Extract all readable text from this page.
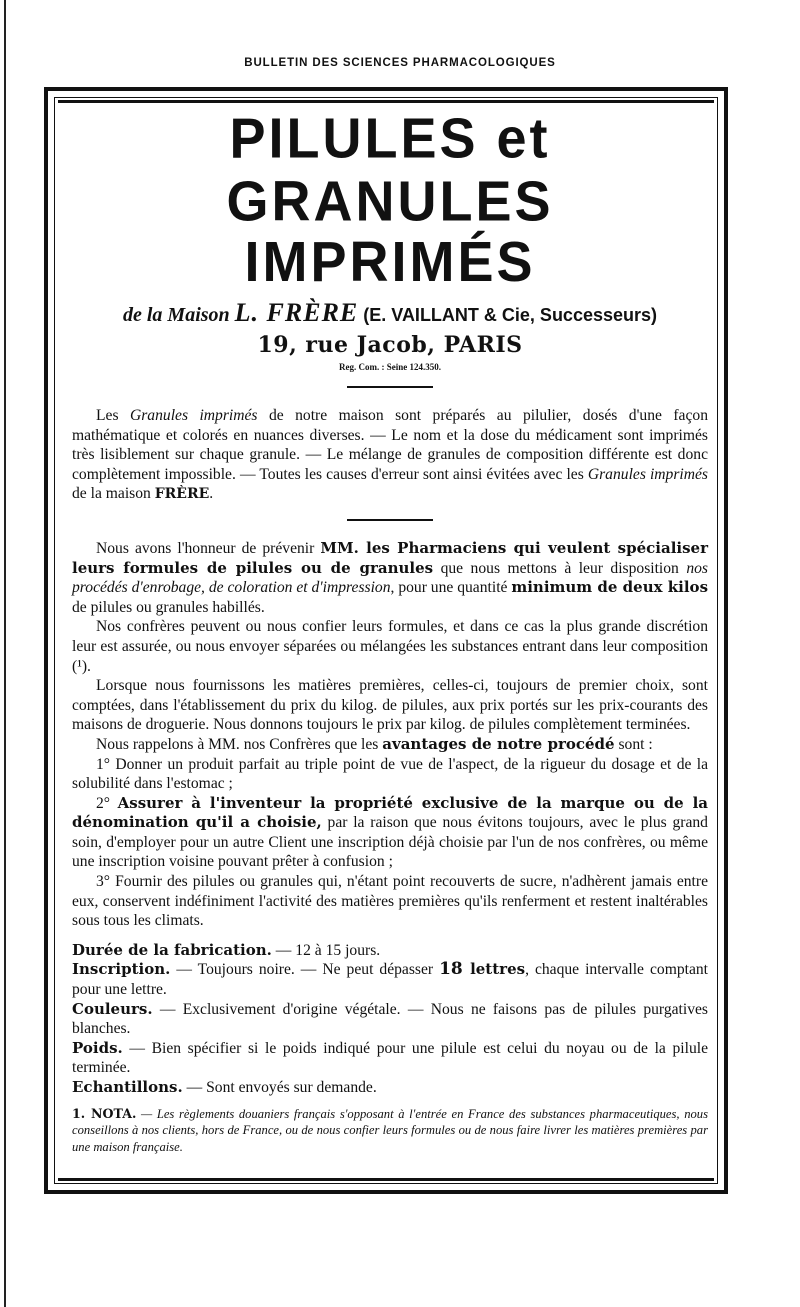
BULLETIN DES SCIENCES PHARMACOLOGIQUES
PILULES et GRANULES
IMPRIMÉS
de la Maison L. FRÈRE (E. VAILLANT & Cie, Successeurs)
19, rue Jacob, PARIS
Reg. Com. : Seine 124.350.

Les Granules imprimés de notre maison sont préparés au pilulier, dosés d'une façon mathématique et colorés en nuances diverses. — Le nom et la dose du médicament sont imprimés très lisiblement sur chaque granule. — Le mélange de granules de composition différente est donc complètement impossible. — Toutes les causes d'erreur sont ainsi évitées avec les Granules imprimés de la maison FRÈRE.

Nous avons l'honneur de prévenir MM. les Pharmaciens qui veulent spécialiser leurs formules de pilules ou de granules que nous mettons à leur disposition nos procédés d'enrobage, de coloration et d'impression, pour une quantité minimum de deux kilos de pilules ou granules habillés.

Nos confrères peuvent ou nous confier leurs formules, et dans ce cas la plus grande discrétion leur est assurée, ou nous envoyer séparées ou mélangées les substances entrant dans leur composition (¹).

Lorsque nous fournissons les matières premières, celles-ci, toujours de premier choix, sont comptées, dans l'établissement du prix du kilog. de pilules, aux prix portés sur les prix-courants des maisons de droguerie. Nous donnons toujours le prix par kilog. de pilules complètement terminées.

Nous rappelons à MM. nos Confrères que les avantages de notre procédé sont :

1° Donner un produit parfait au triple point de vue de l'aspect, de la rigueur du dosage et de la solubilité dans l'estomac ;

2° Assurer à l'inventeur la propriété exclusive de la marque ou de la dénomination qu'il a choisie, par la raison que nous évitons toujours, avec le plus grand soin, d'employer pour un autre Client une inscription déjà choisie par l'un de nos confrères, ou même une inscription voisine pouvant prêter à confusion ;

3° Fournir des pilules ou granules qui, n'étant point recouverts de sucre, n'adhèrent jamais entre eux, conservent indéfiniment l'activité des matières premières qu'ils renferment et restent inaltérables sous tous les climats.

Durée de la fabrication. — 12 à 15 jours.

Inscription. — Toujours noire. — Ne peut dépasser 18 lettres, chaque intervalle comptant pour une lettre.

Couleurs. — Exclusivement d'origine végétale. — Nous ne faisons pas de pilules purgatives blanches.

Poids. — Bien spécifier si le poids indiqué pour une pilule est celui du noyau ou de la pilule terminée.

Echantillons. — Sont envoyés sur demande.

1. NOTA. — Les règlements douaniers français s'opposant à l'entrée en France des substances pharmaceutiques, nous conseillons à nos clients, hors de France, ou de nous confier leurs formules ou de nous faire livrer les matières premières par une maison française.
